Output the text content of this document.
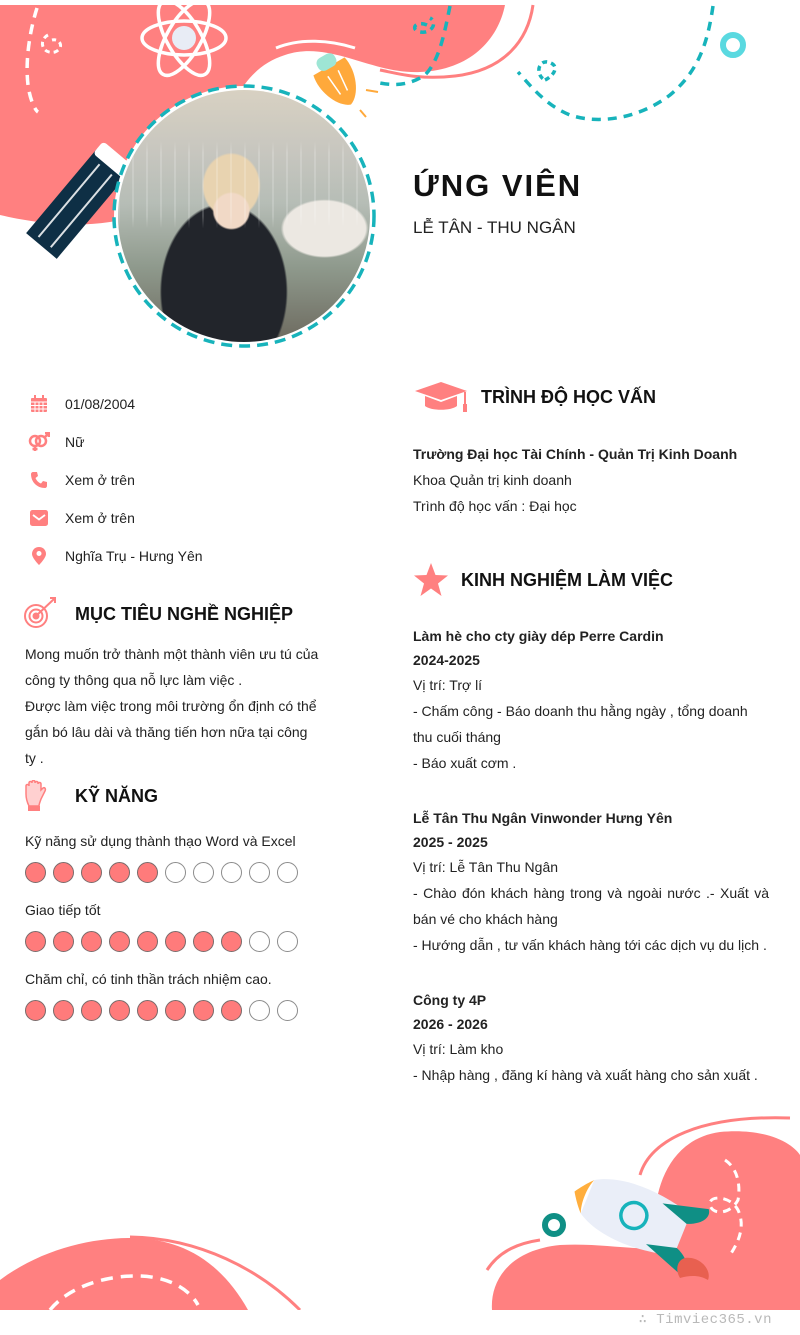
ỨNG VIÊN
LỄ TÂN - THU NGÂN
01/08/2004
Nữ
Xem ở trên
Xem ở trên
Nghĩa Trụ - Hưng Yên
MỤC TIÊU NGHỀ NGHIỆP
Mong muốn trở thành một thành viên ưu tú của công ty thông qua nỗ lực làm việc .
Được làm việc trong môi trường ổn định có thể gắn bó lâu dài và thăng tiến hơn nữa tại công ty .
KỸ NĂNG
Kỹ năng sử dụng thành thạo Word và Excel
Giao tiếp tốt
Chăm chỉ, có tinh thần trách nhiệm cao.
TRÌNH ĐỘ HỌC VẤN
Trường Đại học Tài Chính - Quản Trị Kinh Doanh
Khoa Quản trị kinh doanh
Trình độ học vấn : Đại học
KINH NGHIỆM LÀM VIỆC
Làm hè cho cty giày dép Perre Cardin
2024-2025
Vị trí: Trợ lí
- Chấm công - Báo doanh thu hằng ngày , tổng doanh thu cuối tháng
- Báo xuất cơm .
Lễ Tân Thu Ngân Vinwonder Hưng Yên
2025 - 2025
Vị trí: Lễ Tân Thu Ngân
- Chào đón khách hàng trong và ngoài nước .- Xuất và bán vé cho khách hàng
- Hướng dẫn , tư vấn khách hàng tới các dịch vụ du lịch .
Công ty 4P
2026 - 2026
Vị trí: Làm kho
- Nhập hàng , đăng kí hàng và xuất hàng cho sản xuất .
∴ Timviec365.vn
